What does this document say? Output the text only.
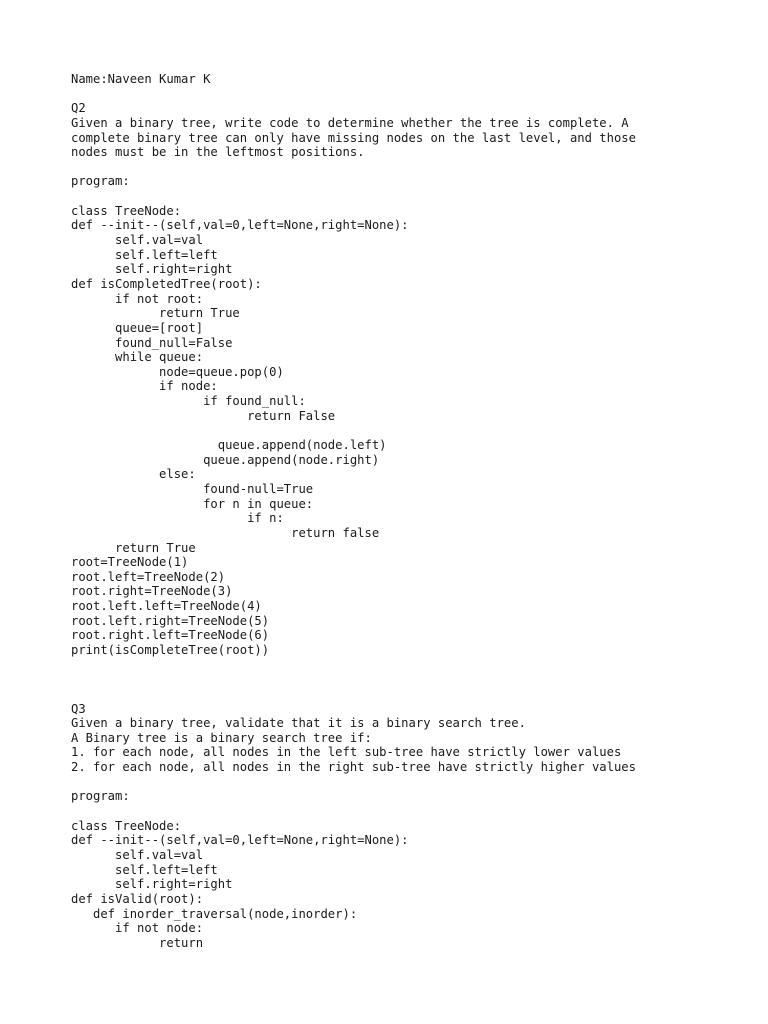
Name:Naveen Kumar K
Q2
Given a binary tree, write code to determine whether the tree is complete. A
complete binary tree can only have missing nodes on the last level, and those
nodes must be in the leftmost positions.
program:
class TreeNode:
def --init--(self,val=0,left=None,right=None):
self.val=val
self.left=left
self.right=right
def isCompletedTree(root):
if not root:
return True
queue=[root]
found_null=False
while queue:
node=queue.pop(0)
if node:
if found_null:
return False
queue.append(node.left)
queue.append(node.right)
else:
found-null=True
for n in queue:
if n:
return false
return True
root=TreeNode(1)
root.left=TreeNode(2)
root.right=TreeNode(3)
root.left.left=TreeNode(4)
root.left.right=TreeNode(5)
root.right.left=TreeNode(6)
print(isCompleteTree(root))
Q3
Given a binary tree, validate that it is a binary search tree.
A Binary tree is a binary search tree if:
1. for each node, all nodes in the left sub-tree have strictly lower values
2. for each node, all nodes in the right sub-tree have strictly higher values
program:
class TreeNode:
def --init--(self,val=0,left=None,right=None):
self.val=val
self.left=left
self.right=right
def isValid(root):
def inorder_traversal(node,inorder):
if not node:
return
